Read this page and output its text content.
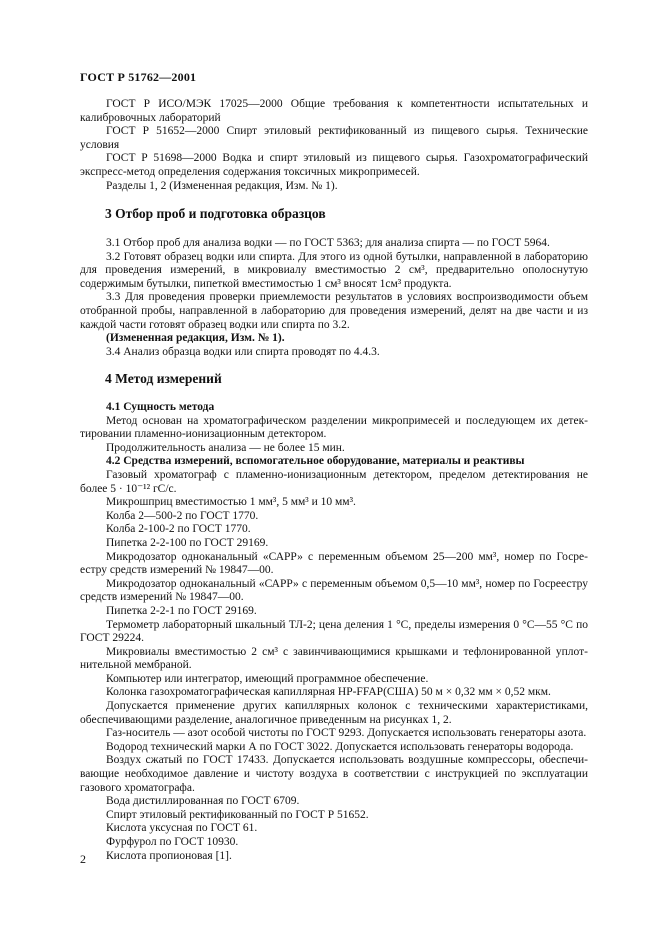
ГОСТ Р 51762—2001

ГОСТ Р ИСО/МЭК 17025—2000 Общие требования к компетентности испытательных и калибровочных лабораторий

ГОСТ Р 51652—2000 Спирт этиловый ректификованный из пищевого сырья. Технические условия

ГОСТ Р 51698—2000 Водка и спирт этиловый из пищевого сырья. Газохроматографический экспресс-метод определения содержания токсичных микропримесей.

Разделы 1, 2 (Измененная редакция, Изм. № 1).

3 Отбор проб и подготовка образцов

3.1 Отбор проб для анализа водки — по ГОСТ 5363; для анализа спирта — по ГОСТ 5964.

3.2 Готовят образец водки или спирта. Для этого из одной бутылки, направленной в лабораторию для проведения измерений, в микровиалу вместимостью 2 см³, предварительно ополоснутую содержимым бутылки, пипеткой вместимостью 1 см³ вносят 1см³ продукта.

3.3 Для проведения проверки приемлемости результатов в условиях воспроизводимости объем отобранной пробы, направленной в лабораторию для проведения измерений, делят на две части и из каждой части готовят образец водки или спирта по 3.2.

(Измененная редакция, Изм. № 1).

3.4 Анализ образца водки или спирта проводят по 4.4.3.

4 Метод измерений

4.1 Сущность метода

Метод основан на хроматографическом разделении микропримесей и последующем их детектировании пламенно-ионизационным детектором.

Продолжительность анализа — не более 15 мин.

4.2 Средства измерений, вспомогательное оборудование, материалы и реактивы

Газовый хроматограф с пламенно-ионизационным детектором, пределом детектирования не более 5 · 10⁻¹² гС/с.

Микрошприц вместимостью 1 мм³, 5 мм³ и 10 мм³.

Колба 2—500-2 по ГОСТ 1770.

Колба 2-100-2 по ГОСТ 1770.

Пипетка 2-2-100 по ГОСТ 29169.

Микродозатор одноканальный «САРР» с переменным объемом 25—200 мм³, номер по Госреестру средств измерений № 19847—00.

Микродозатор одноканальный «САРР» с переменным объемом 0,5—10 мм³, номер по Госреестру средств измерений № 19847—00.

Пипетка 2-2-1 по ГОСТ 29169.

Термометр лабораторный шкальный ТЛ-2; цена деления 1 °С, пределы измерения 0 °С—55 °С по ГОСТ 29224.

Микровиалы вместимостью 2 см³ с завинчивающимися крышками и тефлонированной уплотнительной мембраной.

Компьютер или интегратор, имеющий программное обеспечение.

Колонка газохроматографическая капиллярная HP-FFAP(США) 50 м × 0,32 мм × 0,52 мкм.

Допускается применение других капиллярных колонок с техническими характеристиками, обеспечивающими разделение, аналогичное приведенным на рисунках 1, 2.

Газ-носитель — азот особой чистоты по ГОСТ 9293. Допускается использовать генераторы азота.

Водород технический марки А по ГОСТ 3022. Допускается использовать генераторы водорода.

Воздух сжатый по ГОСТ 17433. Допускается использовать воздушные компрессоры, обеспечивающие необходимое давление и чистоту воздуха в соответствии с инструкцией по эксплуатации газового хроматографа.

Вода дистиллированная по ГОСТ 6709.

Спирт этиловый ректификованный по ГОСТ Р 51652.

Кислота уксусная по ГОСТ 61.

Фурфурол по ГОСТ 10930.

Кислота пропионовая [1].

2
